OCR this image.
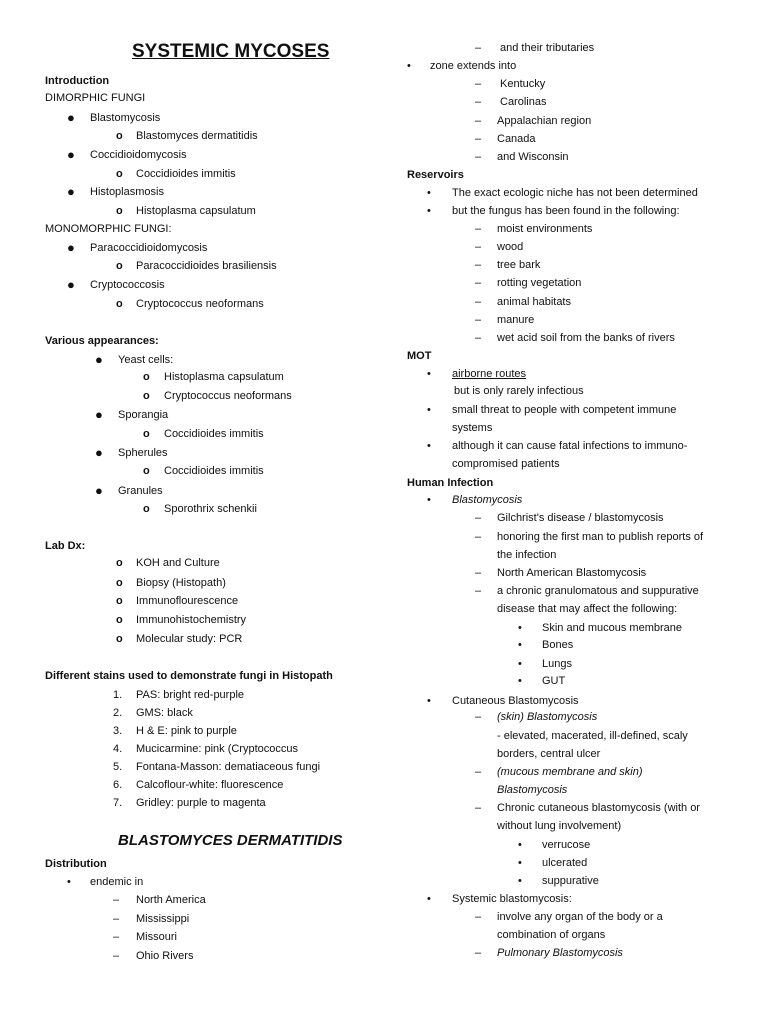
SYSTEMIC MYCOSES
Introduction
DIMORPHIC FUNGI
● Blastomycosis
o Blastomyces dermatitidis
● Coccidioidomycosis
o Coccidioides immitis
● Histoplasmosis
o Histoplasma capsulatum
MONOMORPHIC FUNGI:
● Paracoccidioidomycosis
o Paracoccidioides brasiliensis
● Cryptococcosis
o Cryptococcus neoformans
Various appearances:
● Yeast cells:
o Histoplasma capsulatum
o Cryptococcus neoformans
● Sporangia
o Coccidioides immitis
● Spherules
o Coccidioides immitis
● Granules
o Sporothrix schenkii
Lab Dx:
o KOH and Culture
o Biopsy (Histopath)
o Immunoflourescence
o Immunohistochemistry
o Molecular study: PCR
Different stains used to demonstrate fungi in Histopath
1. PAS: bright red-purple
2. GMS: black
3. H & E: pink to purple
4. Mucicarmine: pink (Cryptococcus
5. Fontana-Masson: dematiaceous fungi
6. Calcoflour-white: fluorescence
7. Gridley: purple to magenta
BLASTOMYCES DERMATITIDIS
Distribution
• endemic in
– North America
– Mississippi
– Missouri
– Ohio Rivers
– and their tributaries
• zone extends into
– Kentucky
– Carolinas
– Appalachian region
– Canada
– and Wisconsin
Reservoirs
• The exact ecologic niche has not been determined
• but the fungus has been found in the following:
– moist environments
– wood
– tree bark
– rotting vegetation
– animal habitats
– manure
– wet acid soil from the banks of rivers
MOT
• airborne routes
but is only rarely infectious
• small threat to people with competent immune
systems
• although it can cause fatal infections to immuno-
compromised patients
Human Infection
• Blastomycosis
– Gilchrist's disease / blastomycosis
– honoring the first man to publish reports of
the infection
– North American Blastomycosis
– a chronic granulomatous and suppurative
disease that may affect the following:
• Skin and mucous membrane
• Bones
• Lungs
• GUT
• Cutaneous Blastomycosis
– (skin) Blastomycosis
- elevated, macerated, ill-defined, scaly
borders, central ulcer
– (mucous membrane and skin)
Blastomycosis
– Chronic cutaneous blastomycosis (with or
without lung involvement)
• verrucose
• ulcerated
• suppurative
• Systemic blastomycosis:
– involve any organ of the body or a
combination of organs
– Pulmonary Blastomycosis
